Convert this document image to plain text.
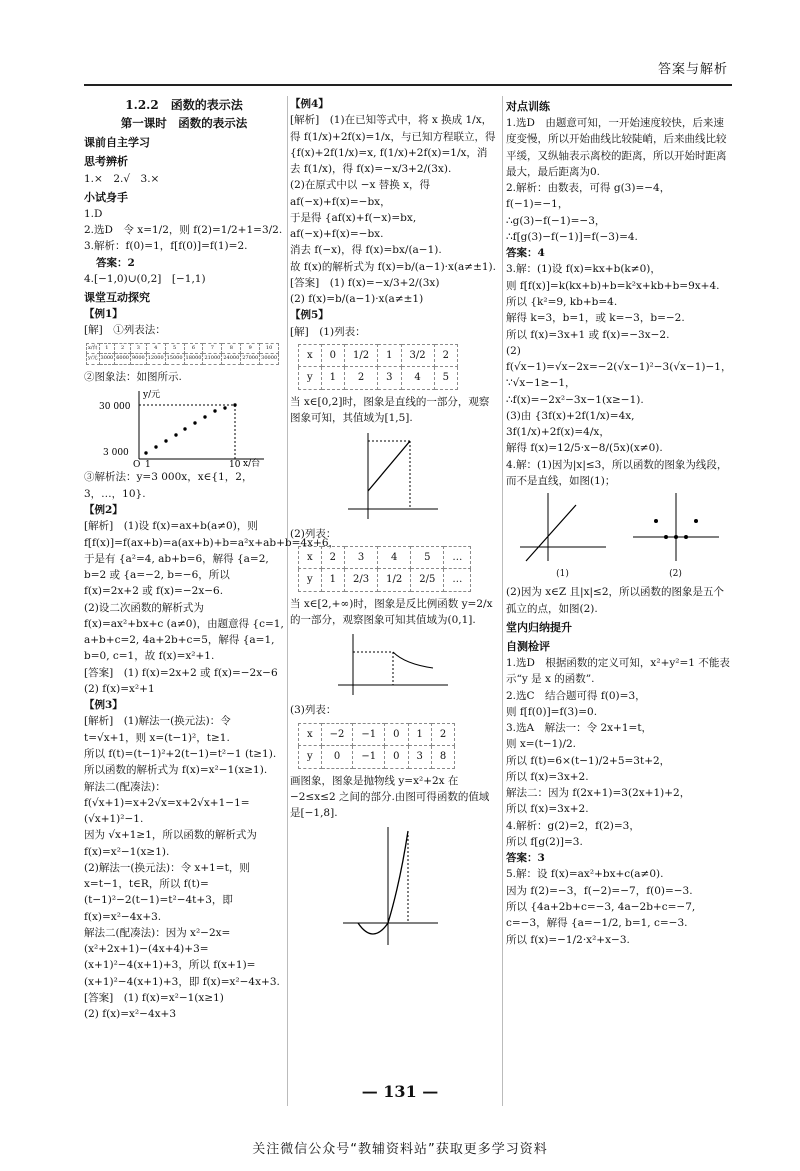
答案与解析
1.2.2　函数的表示法
第一课时　函数的表示法
课前自主学习
思考辨析
1.×　2.√　3.×
小试身手
1.D
2.选D　令 x=1/2，则 f(2)=1/2+1=3/2.
3.解析：f(0)=1，f[f(0)]=f(1)=2.
答案：2
4.[−1,0)∪(0,2]　[−1,1)
课堂互动探究
【例1】
[解]　①列表法：
x/台	1	2	3	4	5	6	7	8	9	10
y/元	3000	6000	9000	12000	15000	18000	21000	24000	27000	30000
②图象法：如图所示.
y/元
x/台
30 000
3 000
O 1	10
③解析法：y=3 000x，x∈{1，2，3，…，10}.
【例2】
[解析]　(1)设 f(x)=ax+b(a≠0)，则 f[f(x)]=f(ax+b)=a(ax+b)+b=a²x+ab+b=4x+6，于是有 {a²=4, ab+b=6，解得 {a=2, b=2 或 {a=−2, b=−6，所以 f(x)=2x+2 或 f(x)=−2x−6.
(2)设二次函数的解析式为 f(x)=ax²+bx+c (a≠0)，由题意得 {c=1, a+b+c=2, 4a+2b+c=5，解得 {a=1, b=0, c=1，故 f(x)=x²+1.
[答案]　(1) f(x)=2x+2 或 f(x)=−2x−6
(2) f(x)=x²+1
【例3】
[解析]　(1)解法一(换元法)：令 t=√x+1，则 x=(t−1)²，t≥1.
所以 f(t)=(t−1)²+2(t−1)=t²−1 (t≥1).
所以函数的解析式为 f(x)=x²−1(x≥1).
解法二(配凑法)：f(√x+1)=x+2√x=x+2√x+1−1=(√x+1)²−1.
因为 √x+1≥1，所以函数的解析式为 f(x)=x²−1(x≥1).
(2)解法一(换元法)：令 x+1=t，则 x=t−1，t∈R，所以 f(t)=(t−1)²−2(t−1)=t²−4t+3，即 f(x)=x²−4x+3.
解法二(配凑法)：因为 x²−2x=(x²+2x+1)−(4x+4)+3=(x+1)²−4(x+1)+3，所以 f(x+1)=(x+1)²−4(x+1)+3，即 f(x)=x²−4x+3.
[答案]　(1) f(x)=x²−1(x≥1)
(2) f(x)=x²−4x+3
【例4】
[解析]　(1)在已知等式中，将 x 换成 1/x，得 f(1/x)+2f(x)=1/x，与已知方程联立，得 {f(x)+2f(1/x)=x, f(1/x)+2f(x)=1/x，消去 f(1/x)，得 f(x)=−x/3+2/(3x).
(2)在原式中以 −x 替换 x，得 af(−x)+f(x)=−bx，
于是得 {af(x)+f(−x)=bx, af(−x)+f(x)=−bx.
消去 f(−x)，得 f(x)=bx/(a−1).
故 f(x)的解析式为 f(x)=b/(a−1)·x(a≠±1).
[答案]　(1) f(x)=−x/3+2/(3x)
(2) f(x)=b/(a−1)·x(a≠±1)
【例5】
[解]　(1)列表：
x	0	1/2	1	3/2	2
y	1	2	3	4	5
当 x∈[0,2]时，图象是直线的一部分，观察图象可知，其值域为[1,5].
(2)列表：
x	2	3	4	5	…
y	1	2/3	1/2	2/5	…
当 x∈[2,+∞)时，图象是反比例函数 y=2/x 的一部分，观察图象可知其值域为(0,1].
(3)列表：
x	−2	−1	0	1	2
y	0	−1	0	3	8
画图象，图象是抛物线 y=x²+2x 在 −2≤x≤2 之间的部分.由图可得函数的值域是[−1,8].
对点训练
1.选D　由题意可知，一开始速度较快，后来速度变慢，所以开始曲线比较陡峭，后来曲线比较平缓，又纵轴表示离校的距离，所以开始时距离最大，最后距离为0.
2.解析：由数表，可得 g(3)=−4，f(−1)=−1，
∴g(3)−f(−1)=−3，
∴f[g(3)−f(−1)]=f(−3)=4.
答案：4
3.解：(1)设 f(x)=kx+b(k≠0)，
则 f[f(x)]=k(kx+b)+b=k²x+kb+b=9x+4.
所以 {k²=9, kb+b=4.
解得 k=3，b=1，或 k=−3，b=−2.
所以 f(x)=3x+1 或 f(x)=−3x−2.
(2) f(√x−1)=√x−2x=−2(√x−1)²−3(√x−1)−1，
∵√x−1≥−1，
∴f(x)=−2x²−3x−1(x≥−1).
(3)由 {3f(x)+2f(1/x)=4x, 3f(1/x)+2f(x)=4/x，
解得 f(x)=12/5·x−8/(5x)(x≠0).
4.解：(1)因为|x|≤3，所以函数的图象为线段，而不是直线，如图(1)；
(1)	(2)
(2)因为 x∈Z 且|x|≤2，所以函数的图象是五个孤立的点，如图(2).
堂内归纳提升
自测检评
1.选D　根据函数的定义可知，x²+y²=1 不能表示“y 是 x 的函数”.
2.选C　结合题可得 f(0)=3，
则 f[f(0)]=f(3)=0.
3.选A　解法一：令 2x+1=t，
则 x=(t−1)/2.
所以 f(t)=6×(t−1)/2+5=3t+2，
所以 f(x)=3x+2.
解法二：因为 f(2x+1)=3(2x+1)+2，
所以 f(x)=3x+2.
4.解析：g(2)=2，f(2)=3，
所以 f[g(2)]=3.
答案：3
5.解：设 f(x)=ax²+bx+c(a≠0).
因为 f(2)=−3，f(−2)=−7，f(0)=−3.
所以 {4a+2b+c=−3, 4a−2b+c=−7, c=−3，解得 {a=−1/2, b=1, c=−3.
所以 f(x)=−1/2·x²+x−3.
— 131 —
关注微信公众号“教辅资料站”获取更多学习资料
